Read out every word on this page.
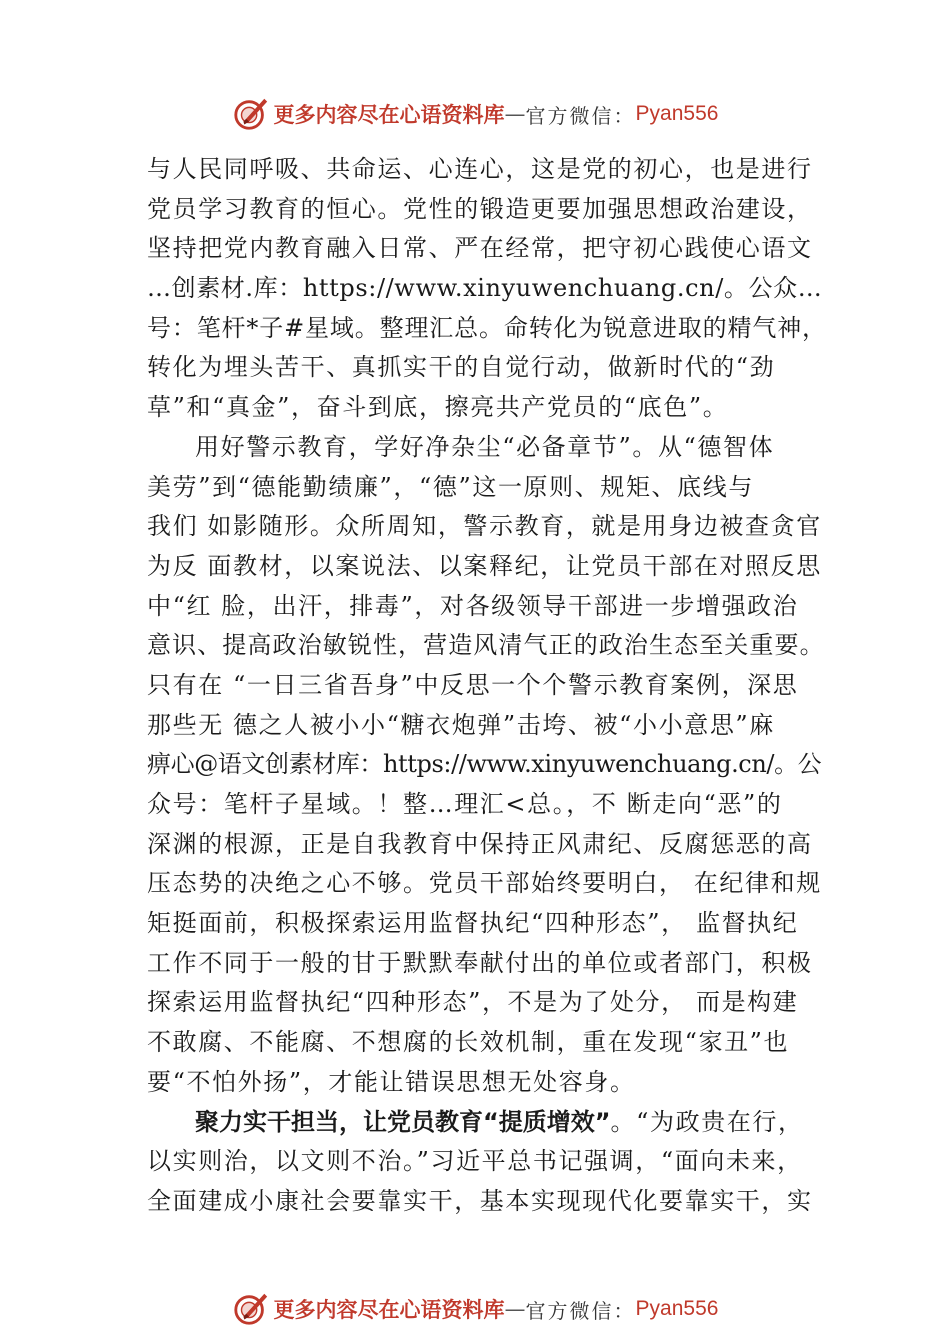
更多内容尽在心语资料库 — 官方微信： Pyan556
与人民同呼吸、共命运、心连心，这是党的初心，也是进行
党员学习教育的恒心。党性的锻造更要加强思想政治建设，
坚持把党内教育融入日常、严在经常，把守初心践使心语文
…创素材.库：https://www.xinyuwenchuang.cn/。公众…
号：笔杆*子#星域。整理汇总。命转化为锐意进取的精气神，
转化为埋头苦干、真抓实干的自觉行动，做新时代的“劲
草”和“真金”，奋斗到底，擦亮共产党员的“底色”。
用好警示教育，学好净杂尘“必备章节”。从“德智体
美劳”到“德能勤绩廉”，“德”这一原则、规矩、底线与
我们 如影随形。众所周知，警示教育，就是用身边被查贪官
为反 面教材，以案说法、以案释纪，让党员干部在对照反思
中“红 脸，出汗，排毒”，对各级领导干部进一步增强政治
意识、提高政治敏锐性，营造风清气正的政治生态至关重要。
只有在 “一日三省吾身”中反思一个个警示教育案例，深思
那些无 德之人被小小“糖衣炮弹”击垮、被“小小意思”麻
痹心@语文创素材库：https://www.xinyuwenchuang.cn/。公
众号：笔杆子星域。！整…理汇<总。，不 断走向“恶”的
深渊的根源，正是自我教育中保持正风肃纪、反腐惩恶的高
压态势的决绝之心不够。党员干部始终要明白， 在纪律和规
矩挺面前，积极探索运用监督执纪“四种形态”， 监督执纪
工作不同于一般的甘于默默奉献付出的单位或者部门，积极
探索运用监督执纪“四种形态”，不是为了处分， 而是构建
不敢腐、不能腐、不想腐的长效机制，重在发现“家丑”也
要“不怕外扬”，才能让错误思想无处容身。
聚力实干担当，让党员教育“提质增效”。“为政贵在行，
以实则治，以文则不治。”习近平总书记强调，“面向未来，
全面建成小康社会要靠实干，基本实现现代化要靠实干，实
更多内容尽在心语资料库 — 官方微信： Pyan556
